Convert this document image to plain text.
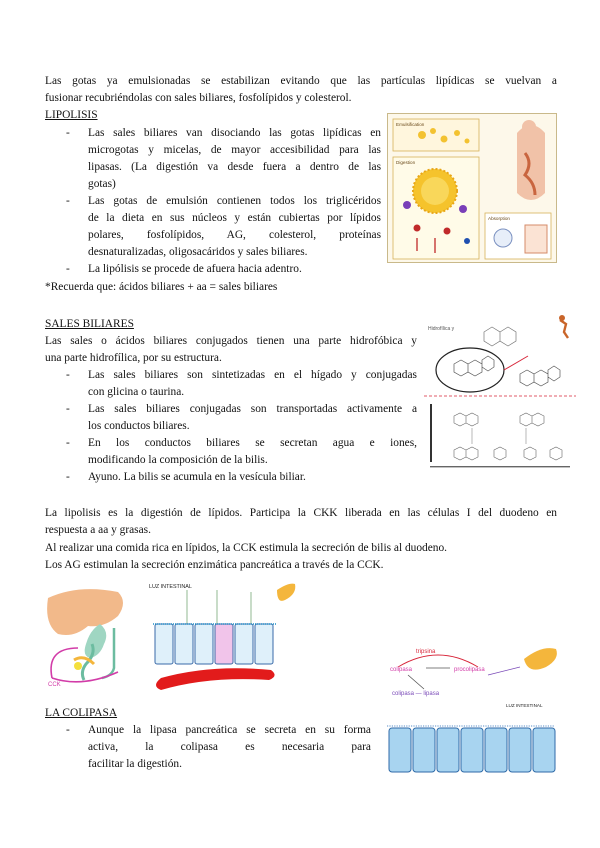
Las gotas ya emulsionadas se estabilizan evitando que las partículas lipídicas se vuelvan a
fusionar recubriéndolas con sales biliares, fosfolípidos y colesterol.
LIPOLISIS
- Las sales biliares van disociando las gotas lipídicas en
microgotas y micelas, de mayor accesibilidad para las
lipasas. (La digestión va desde fuera a dentro de las
gotas)
- Las gotas de emulsión contienen todos los triglicéridos
de la dieta en sus núcleos y están cubiertas por lípidos
polares, fosfolípidos, AG, colesterol, proteínas
desnaturalizadas, oligosacáridos y sales biliares.
- La lipólisis se procede de afuera hacia adentro.
*Recuerda que: ácidos biliares + aa = sales biliares
Emulsification
Digestion
Absorption
SALES BILIARES
Las sales o ácidos biliares conjugados tienen una parte hidrofóbica y
una parte hidrofílica, por su estructura.
- Las sales biliares son sintetizadas en el hígado y conjugadas
con glicina o taurina.
- Las sales biliares conjugadas son transportadas activamente a
los conductos biliares.
- En los conductos biliares se secretan agua e iones,
modificando la composición de la bilis.
- Ayuno. La bilis se acumula en la vesícula biliar.
Hidrofílica y
La lipolisis es la digestión de lípidos. Participa la CKK liberada en las células I del duodeno en
respuesta a aa y grasas.
Al realizar una comida rica en lípidos, la CCK estimula la secreción de bilis al duodeno.
Los AG estimulan la secreción enzimática pancreática a través de la CCK.
CCK
LUZ INTESTINAL
tripsina
colipasa	procolipasa
colipasa — lipasa
LUZ INTESTINAL
LA COLIPASA
- Aunque la lipasa pancreática se secreta en su forma
activa, la colipasa es necesaria para
facilitar la digestión.
